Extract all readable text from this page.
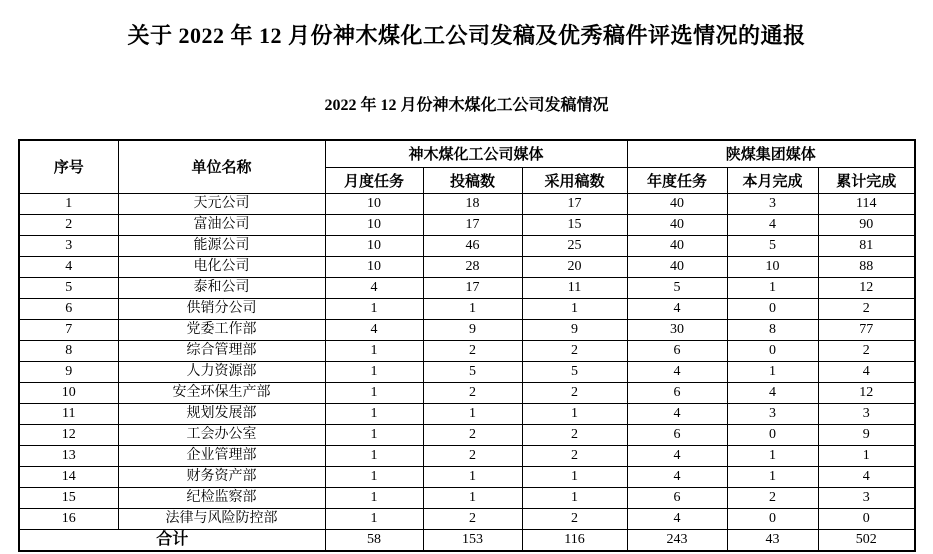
关于 2022 年 12 月份神木煤化工公司发稿及优秀稿件评选情况的通报
2022 年 12 月份神木煤化工公司发稿情况
序号	单位名称	神木煤化工公司媒体			陕煤集团媒体		
		月度任务	投稿数	采用稿数	年度任务	本月完成	累计完成
1	天元公司	10	18	17	40	3	114
2	富油公司	10	17	15	40	4	90
3	能源公司	10	46	25	40	5	81
4	电化公司	10	28	20	40	10	88
5	泰和公司	4	17	11	5	1	12
6	供销分公司	1	1	1	4	0	2
7	党委工作部	4	9	9	30	8	77
8	综合管理部	1	2	2	6	0	2
9	人力资源部	1	5	5	4	1	4
10	安全环保生产部	1	2	2	6	4	12
11	规划发展部	1	1	1	4	3	3
12	工会办公室	1	2	2	6	0	9
13	企业管理部	1	2	2	4	1	1
14	财务资产部	1	1	1	4	1	4
15	纪检监察部	1	1	1	6	2	3
16	法律与风险防控部	1	2	2	4	0	0
合计		58	153	116	243	43	502
